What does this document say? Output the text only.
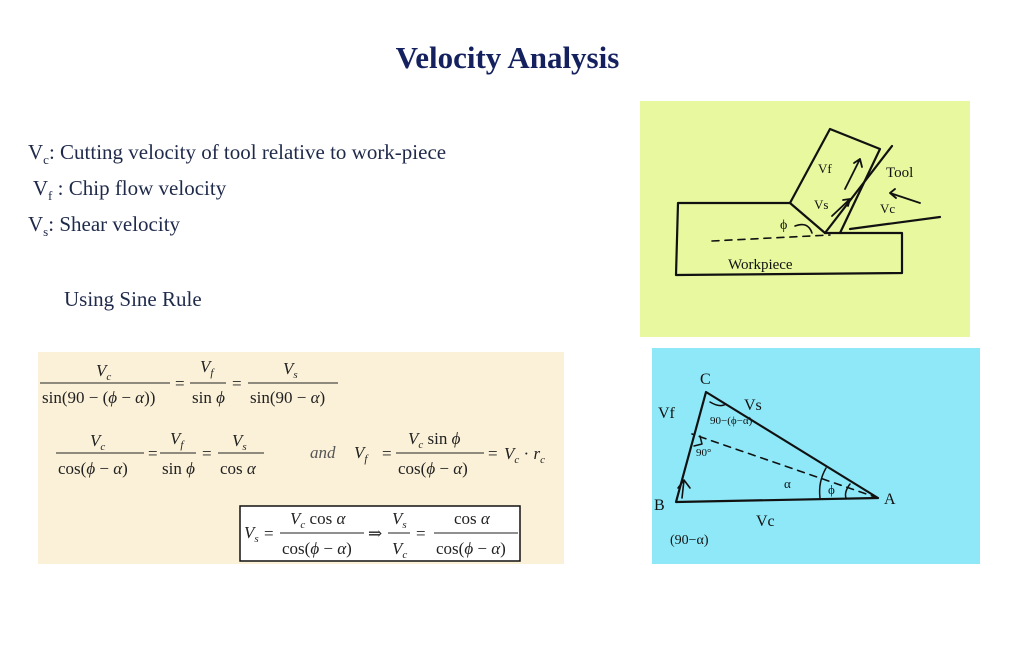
Velocity Analysis
$V_c$: Cutting velocity of tool relative to work-piece
$V_f$ : Chip flow velocity
$V_s$: Shear velocity
Using Sine Rule
$V_c$
sin(90 − (ϕ − α))
=
$V_f$
sin ϕ
=
$V_s$
sin(90 − α)
$V_c$
cos(ϕ − α)
=
$V_f$
sin ϕ
=
$V_s$
cos α
and $V_f$ =
$V_c$ sin ϕ
cos(ϕ − α)
= $V_c \cdot r_c$
$V_s$ =
$V_c$ cos α
cos(ϕ − α)
⇒
$V_s$
$V_c$
=
cos α
cos(ϕ − α)
Tool
Workpiece
Vf
Vs	Vc
ϕ
C
B	A
Vf	Vs
Vc
90−(ϕ−α)
90°
α	ϕ
(90−α)
